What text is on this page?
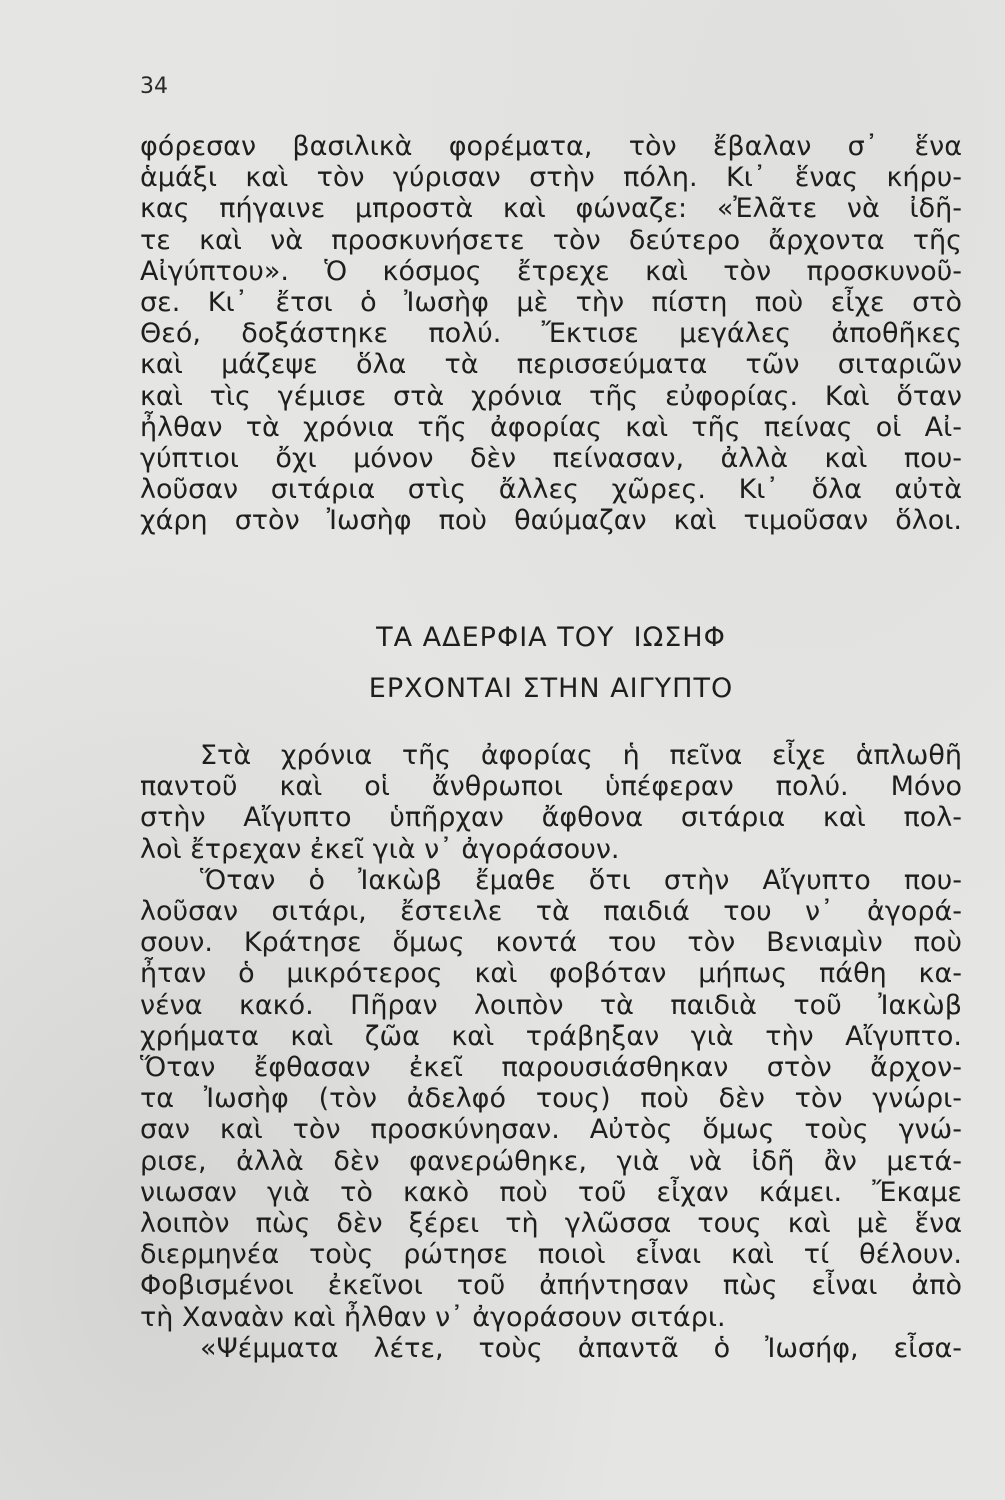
34
φόρεσαν βασιλικὰ φορέματα, τὸν ἔβαλαν σ᾽ ἕνα
ἁμάξι καὶ τὸν γύρισαν στὴν πόλη. Κι᾽ ἕνας κήρυ-
κας πήγαινε μπροστὰ καὶ φώναζε: «Ἐλᾶτε νὰ ἰδῆ-
τε καὶ νὰ προσκυνήσετε τὸν δεύτερο ἄρχοντα τῆς
Αἰγύπτου». Ὁ κόσμος ἔτρεχε καὶ τὸν προσκυνοῦ-
σε. Κι᾽ ἔτσι ὁ Ἰωσὴφ μὲ τὴν πίστη ποὺ εἶχε στὸ
Θεό, δοξάστηκε πολύ. Ἔκτισε μεγάλες ἀποθῆκες
καὶ μάζεψε ὅλα τὰ περισσεύματα τῶν σιταριῶν
καὶ τὶς γέμισε στὰ χρόνια τῆς εὐφορίας. Καὶ ὅταν
ἦλθαν τὰ χρόνια τῆς ἀφορίας καὶ τῆς πείνας οἱ Αἰ-
γύπτιοι ὄχι μόνον δὲν πείνασαν, ἀλλὰ καὶ που-
λοῦσαν σιτάρια στὶς ἄλλες χῶρες. Κι᾽ ὅλα αὐτὰ
χάρη στὸν Ἰωσὴφ ποὺ θαύμαζαν καὶ τιμοῦσαν ὅλοι.
ΤΑ ΑΔΕΡΦΙΑ ΤΟΥ  ΙΩΣΗΦ
ΕΡΧΟΝΤΑΙ ΣΤΗΝ ΑΙΓΥΠΤΟ
Στὰ χρόνια τῆς ἀφορίας ἡ πεῖνα εἶχε ἁπλωθῆ
παντοῦ καὶ οἱ ἄνθρωποι ὑπέφεραν πολύ. Μόνο
στὴν Αἴγυπτο ὑπῆρχαν ἄφθονα σιτάρια καὶ πολ-
λοὶ ἔτρεχαν ἐκεῖ γιὰ ν᾽ ἀγοράσουν.
Ὅταν ὁ Ἰακὼβ ἔμαθε ὅτι στὴν Αἴγυπτο που-
λοῦσαν σιτάρι, ἔστειλε τὰ παιδιά του ν᾽ ἀγορά-
σουν. Κράτησε ὅμως κοντά του τὸν Βενιαμὶν ποὺ
ἦταν ὁ μικρότερος καὶ φοβόταν μήπως πάθη κα-
νένα κακό. Πῆραν λοιπὸν τὰ παιδιὰ τοῦ Ἰακὼβ
χρήματα καὶ ζῶα καὶ τράβηξαν γιὰ τὴν Αἴγυπτο.
Ὅταν ἔφθασαν ἐκεῖ παρουσιάσθηκαν στὸν ἄρχον-
τα Ἰωσὴφ (τὸν ἀδελφό τους) ποὺ δὲν τὸν γνώρι-
σαν καὶ τὸν προσκύνησαν. Αὐτὸς ὅμως τοὺς γνώ-
ρισε, ἀλλὰ δὲν φανερώθηκε, γιὰ νὰ ἰδῆ ἂν μετά-
νιωσαν γιὰ τὸ κακὸ ποὺ τοῦ εἶχαν κάμει. Ἔκαμε
λοιπὸν πὼς δὲν ξέρει τὴ γλῶσσα τους καὶ μὲ ἕνα
διερμηνέα τοὺς ρώτησε ποιοὶ εἶναι καὶ τί θέλουν.
Φοβισμένοι ἐκεῖνοι τοῦ ἀπήντησαν πὼς εἶναι ἀπὸ
τὴ Χαναὰν καὶ ἦλθαν ν᾽ ἀγοράσουν σιτάρι.
«Ψέμματα λέτε, τοὺς ἀπαντᾶ ὁ Ἰωσήφ, εἶσα-
